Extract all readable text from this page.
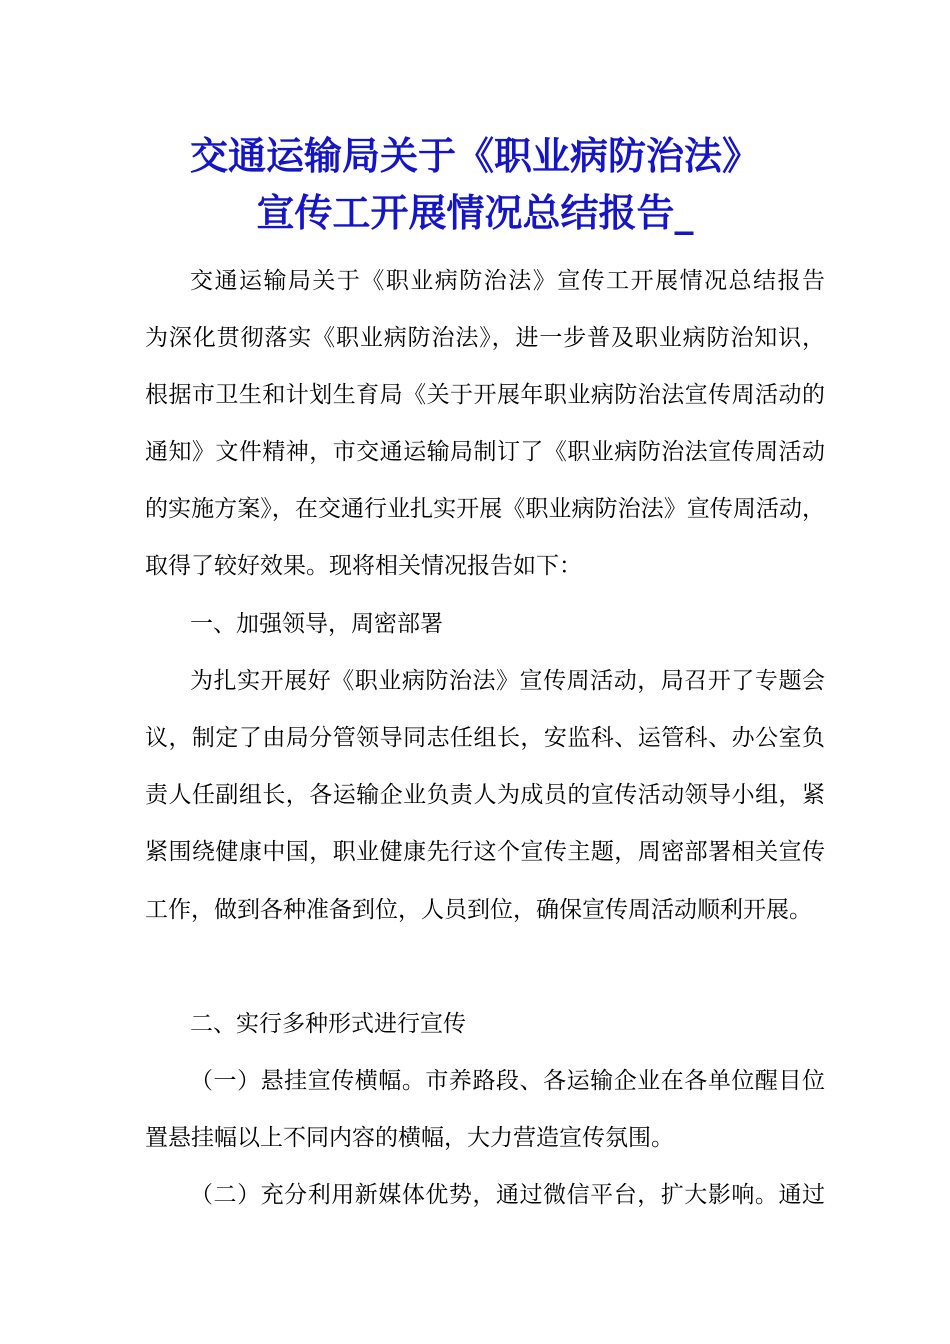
交通运输局关于《职业病防治法》
宣传工开展情况总结报告_
交通运输局关于《职业病防治法》宣传工开展情况总结报告
为深化贯彻落实《职业病防治法》，进一步普及职业病防治知识，
根据市卫生和计划生育局《关于开展年职业病防治法宣传周活动的
通知》文件精神，市交通运输局制订了《职业病防治法宣传周活动
的实施方案》，在交通行业扎实开展《职业病防治法》宣传周活动，
取得了较好效果。现将相关情况报告如下：
一、加强领导，周密部署
为扎实开展好《职业病防治法》宣传周活动，局召开了专题会
议，制定了由局分管领导同志任组长，安监科、运管科、办公室负
责人任副组长，各运输企业负责人为成员的宣传活动领导小组，紧
紧围绕健康中国，职业健康先行这个宣传主题，周密部署相关宣传
工作，做到各种准备到位，人员到位，确保宣传周活动顺利开展。
二、实行多种形式进行宣传
（一）悬挂宣传横幅。市养路段、各运输企业在各单位醒目位
置悬挂幅以上不同内容的横幅，大力营造宣传氛围。
（二）充分利用新媒体优势，通过微信平台，扩大影响。通过
